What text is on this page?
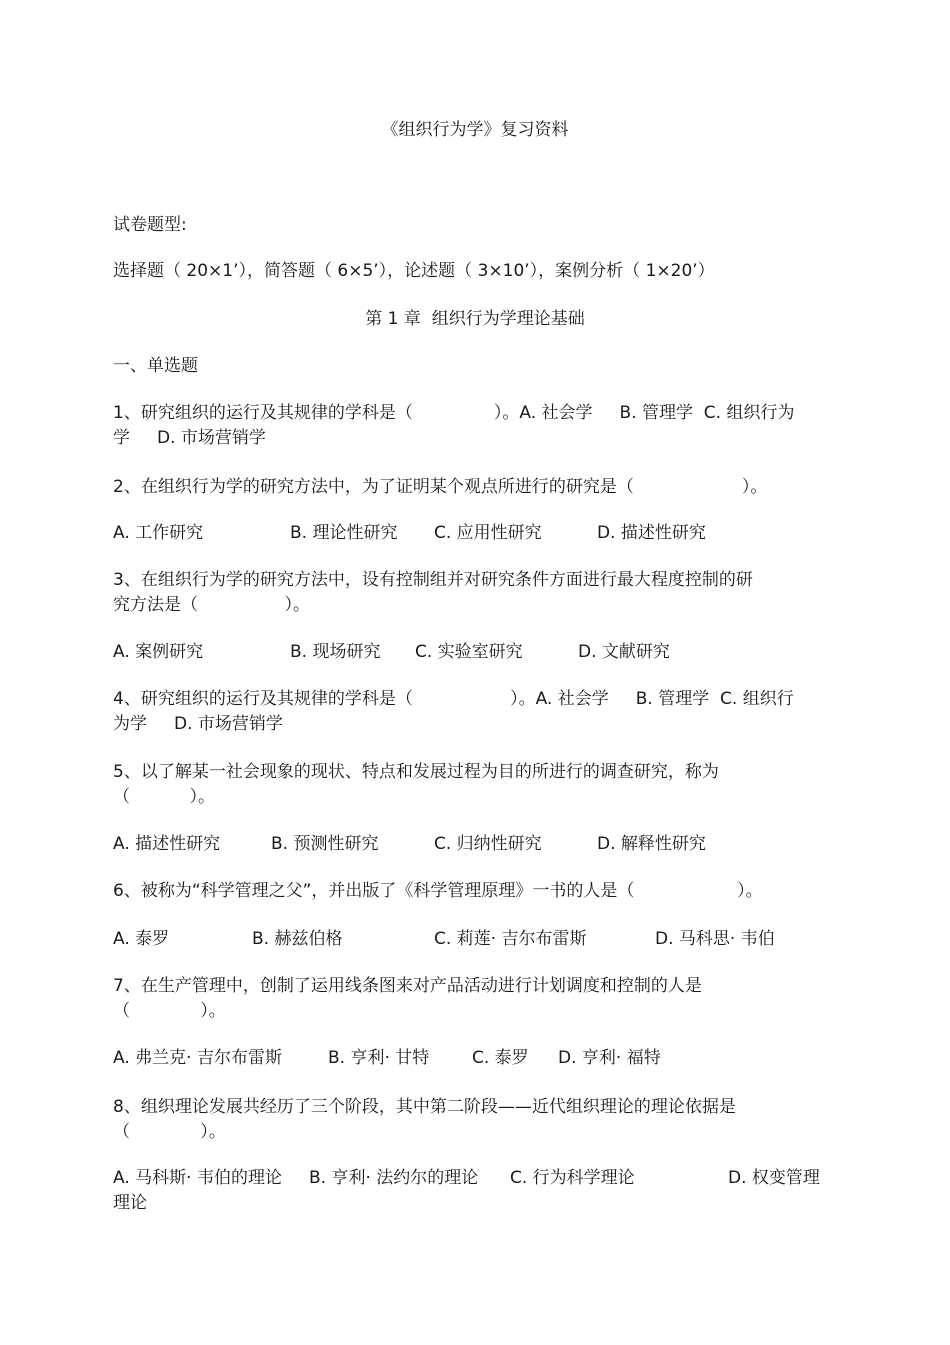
《组织行为学》复习资料
试卷题型:
选择题（ 20×1’），简答题（ 6×5’），论述题（ 3×10’），案例分析（ 1×20’）
第 1 章  组织行为学理论基础
一、单选题
1、研究组织的运行及其规律的学科是（               ）。A. 社会学     B. 管理学  C. 组织行为
学     D. 市场营销学
2、在组织行为学的研究方法中，为了证明某个观点所进行的研究是（                    ）。
A. 工作研究	B. 理论性研究 C. 应用性研究	D. 描述性研究
3、在组织行为学的研究方法中，设有控制组并对研究条件方面进行最大程度控制的研
究方法是（                ）。
A. 案例研究	B. 现场研究 C. 实验室研究	D. 文献研究
4、研究组织的运行及其规律的学科是（                  ）。A. 社会学     B. 管理学  C. 组织行
为学     D. 市场营销学
5、以了解某一社会现象的现状、特点和发展过程为目的所进行的调查研究，称为
（           ）。
A. 描述性研究	B. 预测性研究	C. 归纳性研究	D. 解释性研究
6、被称为“科学管理之父”，并出版了《科学管理原理》一书的人是（                   ）。
A. 泰罗	B. 赫兹伯格	C. 莉莲· 吉尔布雷斯	D. 马科思· 韦伯
7、在生产管理中，创制了运用线条图来对产品活动进行计划调度和控制的人是
（             ）。
A. 弗兰克· 吉尔布雷斯	B. 亨利· 甘特	C. 泰罗 D. 亨利· 福特
8、组织理论发展共经历了三个阶段，其中第二阶段——近代组织理论的理论依据是
（             ）。
A. 马科斯· 韦伯的理论 B. 亨利· 法约尔的理论 C. 行为科学理论	D. 权变管理
理论
